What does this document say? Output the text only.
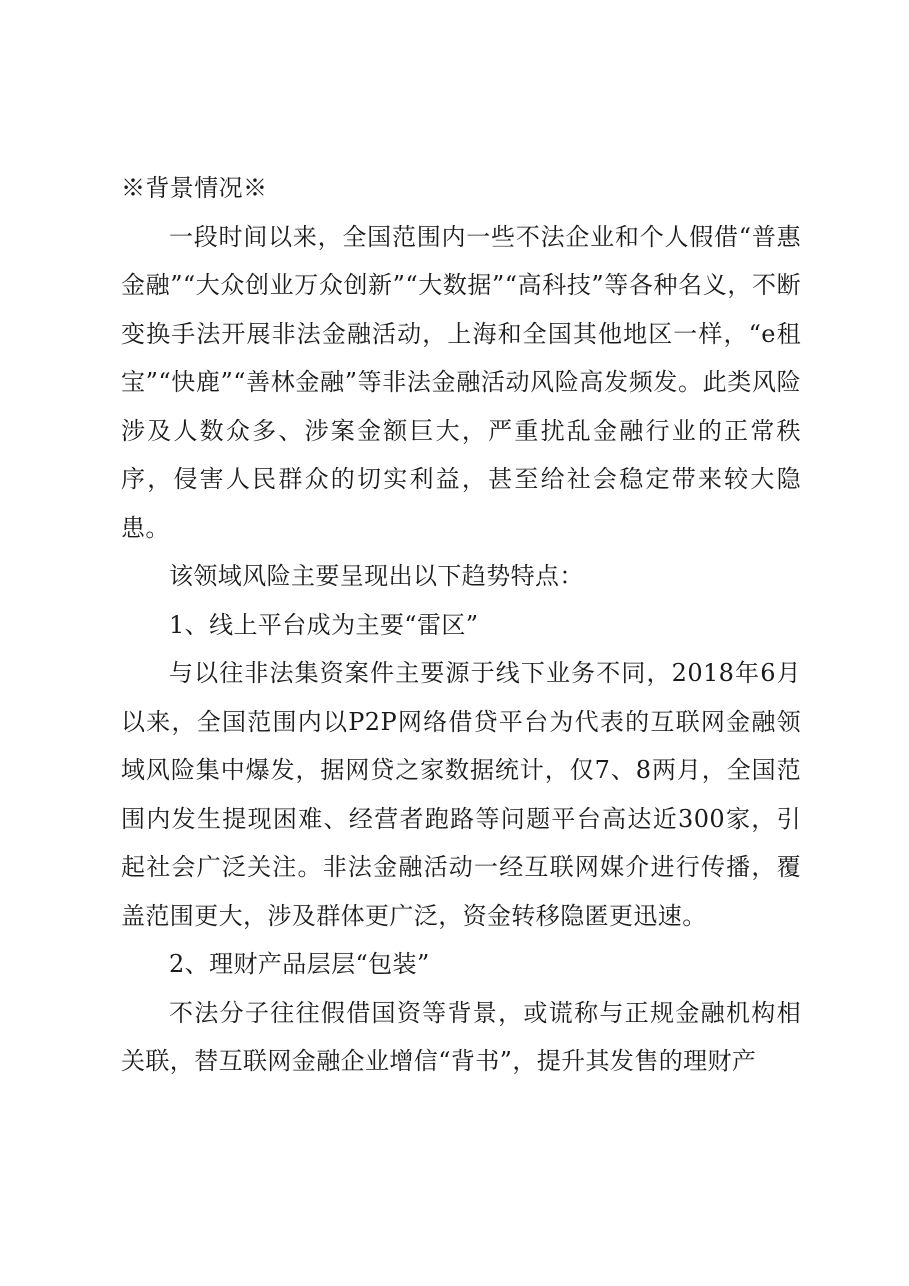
※背景情况※

一段时间以来，全国范围内一些不法企业和个人假借“普惠金融”“大众创业万众创新”“大数据”“高科技”等各种名义，不断变换手法开展非法金融活动，上海和全国其他地区一样，“e租宝”“快鹿”“善林金融”等非法金融活动风险高发频发。此类风险涉及人数众多、涉案金额巨大，严重扰乱金融行业的正常秩序，侵害人民群众的切实利益，甚至给社会稳定带来较大隐患。

该领域风险主要呈现出以下趋势特点：

1、线上平台成为主要“雷区”

与以往非法集资案件主要源于线下业务不同，2018年6月以来，全国范围内以P2P网络借贷平台为代表的互联网金融领域风险集中爆发，据网贷之家数据统计，仅7、8两月，全国范围内发生提现困难、经营者跑路等问题平台高达近300家，引起社会广泛关注。非法金融活动一经互联网媒介进行传播，覆盖范围更大，涉及群体更广泛，资金转移隐匿更迅速。

2、理财产品层层“包装”

不法分子往往假借国资等背景，或谎称与正规金融机构相关联，替互联网金融企业增信“背书”，提升其发售的理财产
